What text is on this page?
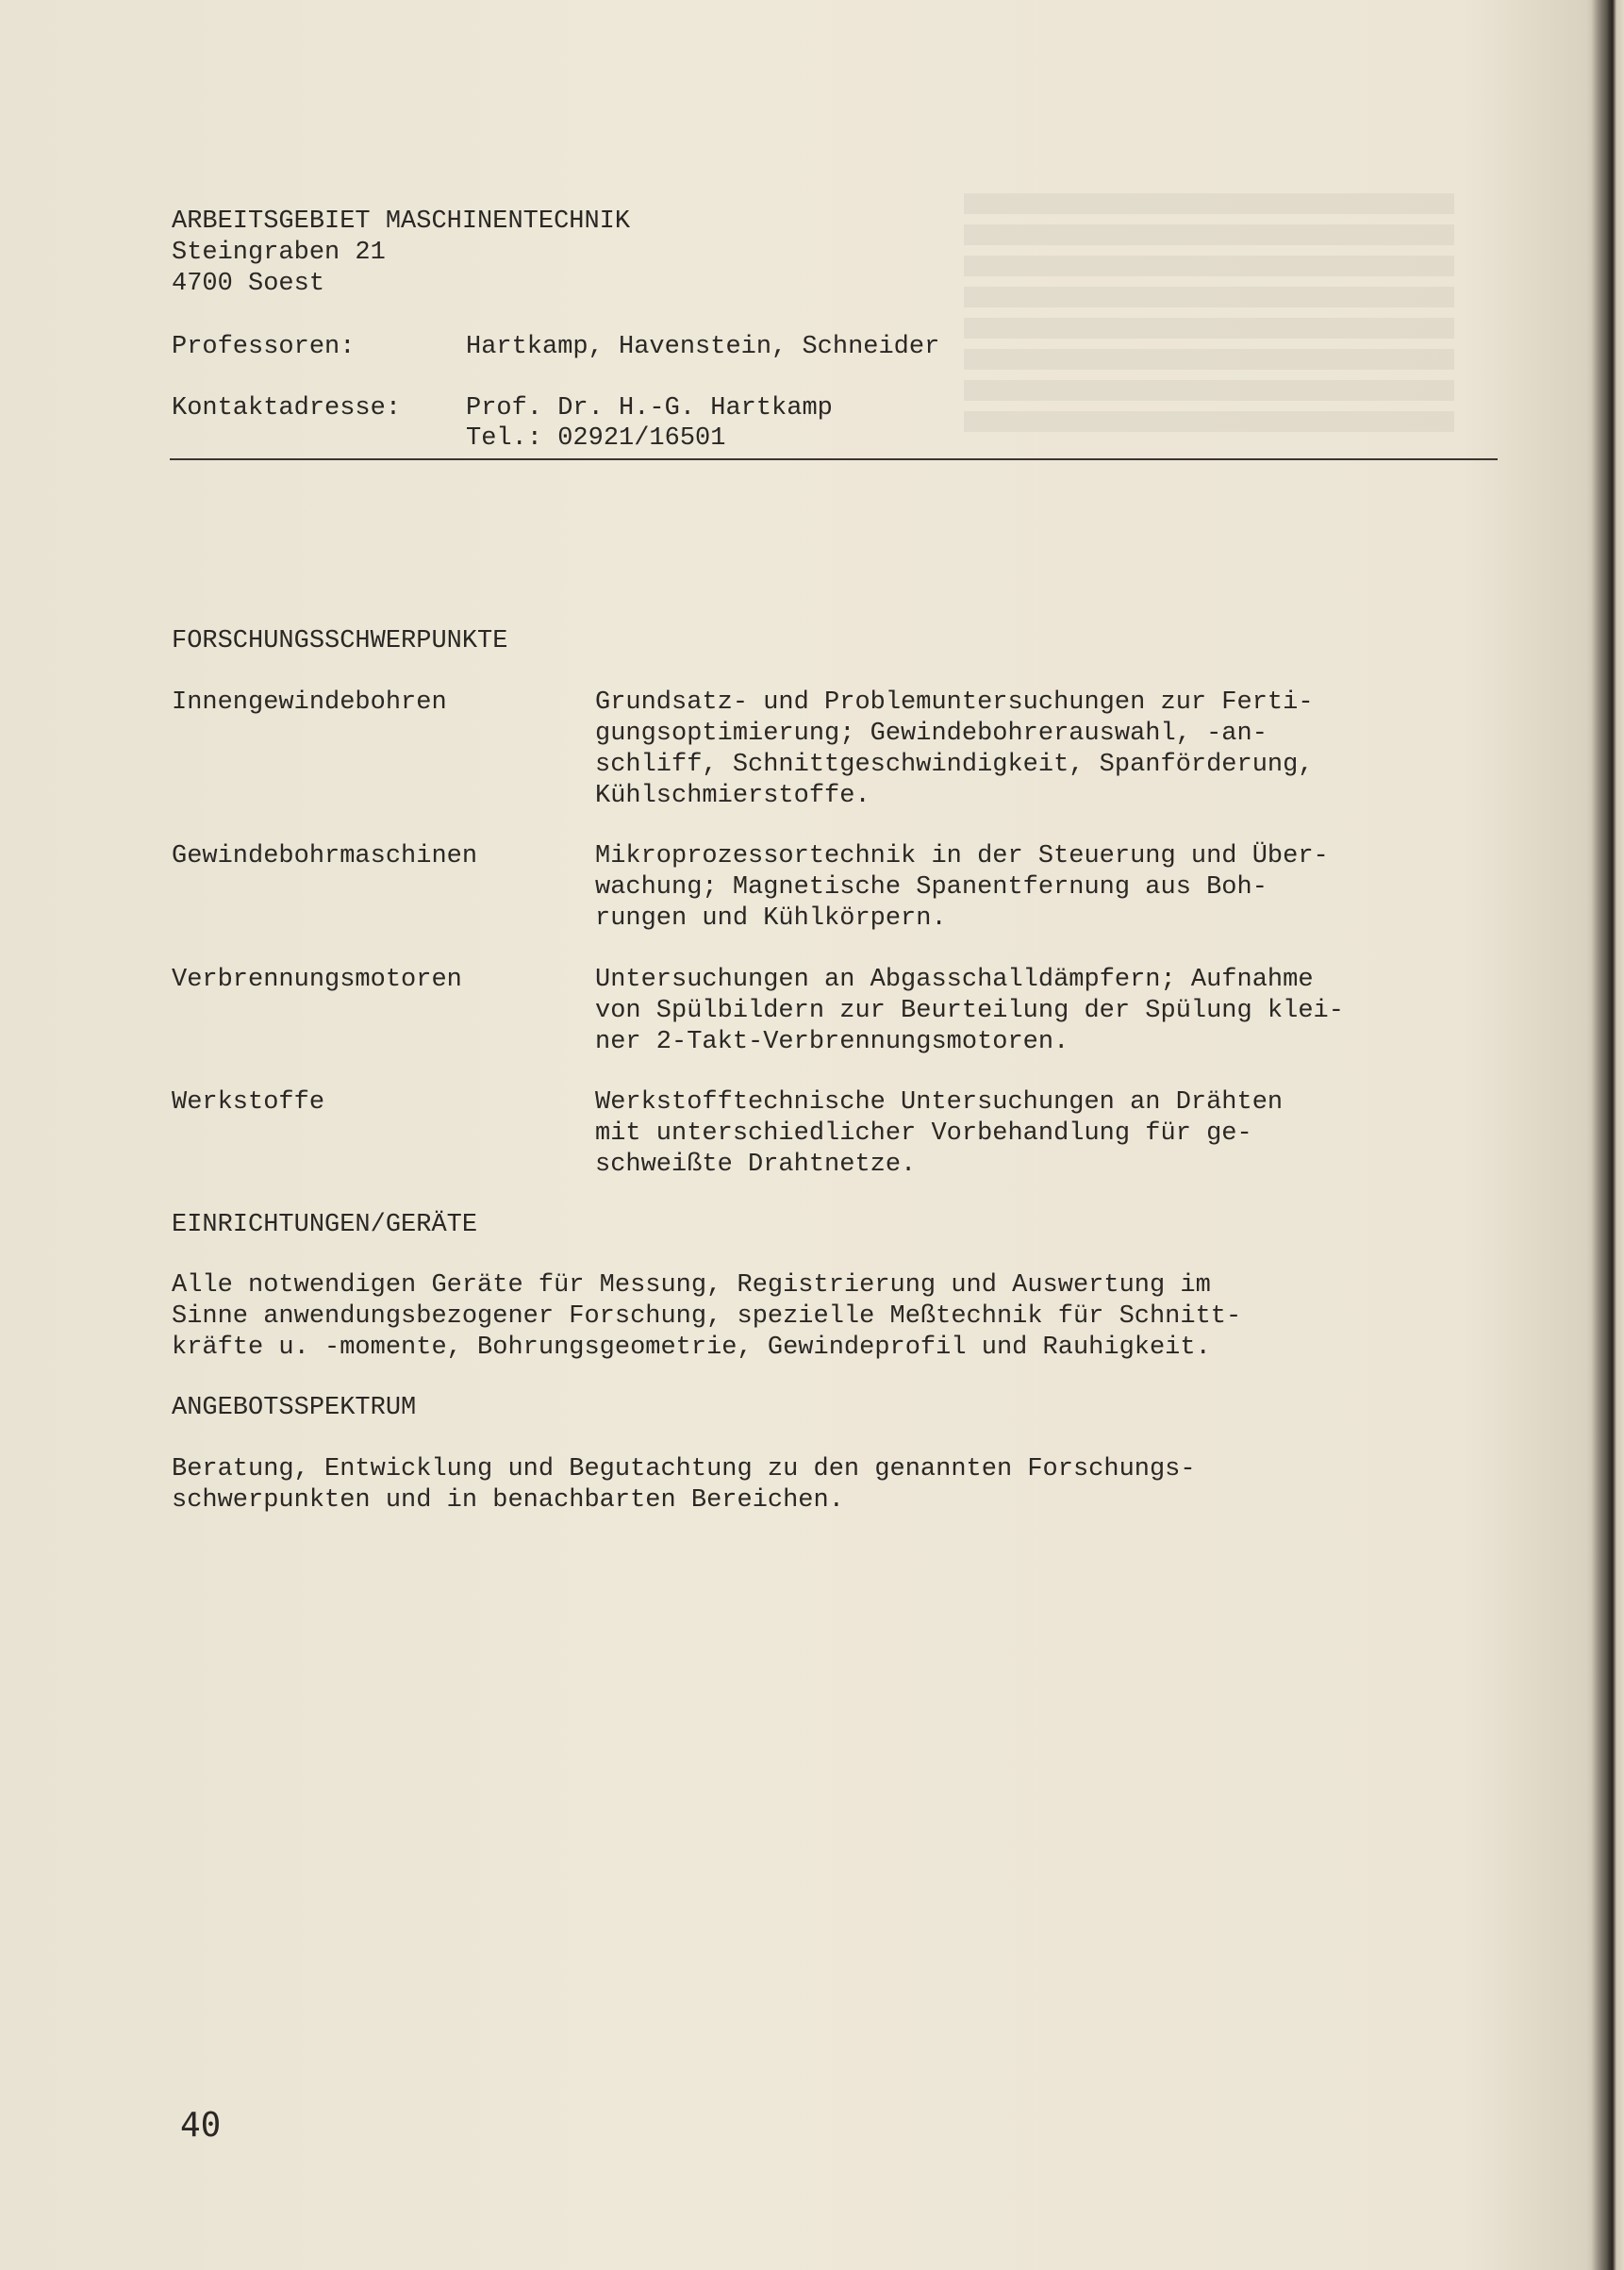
ARBEITSGEBIET MASCHINENTECHNIK
Steingraben 21
4700 Soest
Professoren:	Hartkamp, Havenstein, Schneider
Kontaktadresse:	Prof. Dr. H.-G. Hartkamp
Tel.: 02921/16501
FORSCHUNGSSCHWERPUNKTE
Innengewindebohren	Grundsatz- und Problemuntersuchungen zur Ferti-
gungsoptimierung; Gewindebohrerauswahl, -an-
schliff, Schnittgeschwindigkeit, Spanförderung,
Kühlschmierstoffe.
Gewindebohrmaschinen	Mikroprozessortechnik in der Steuerung und Über-
wachung; Magnetische Spanentfernung aus Boh-
rungen und Kühlkörpern.
Verbrennungsmotoren	Untersuchungen an Abgasschalldämpfern; Aufnahme
von Spülbildern zur Beurteilung der Spülung klei-
ner 2-Takt-Verbrennungsmotoren.
Werkstoffe	Werkstofftechnische Untersuchungen an Drähten
mit unterschiedlicher Vorbehandlung für ge-
schweißte Drahtnetze.
EINRICHTUNGEN/GERÄTE
Alle notwendigen Geräte für Messung, Registrierung und Auswertung im
Sinne anwendungsbezogener Forschung, spezielle Meßtechnik für Schnitt-
kräfte u. -momente, Bohrungsgeometrie, Gewindeprofil und Rauhigkeit.
ANGEBOTSSPEKTRUM
Beratung, Entwicklung und Begutachtung zu den genannten Forschungs-
schwerpunkten und in benachbarten Bereichen.
40
